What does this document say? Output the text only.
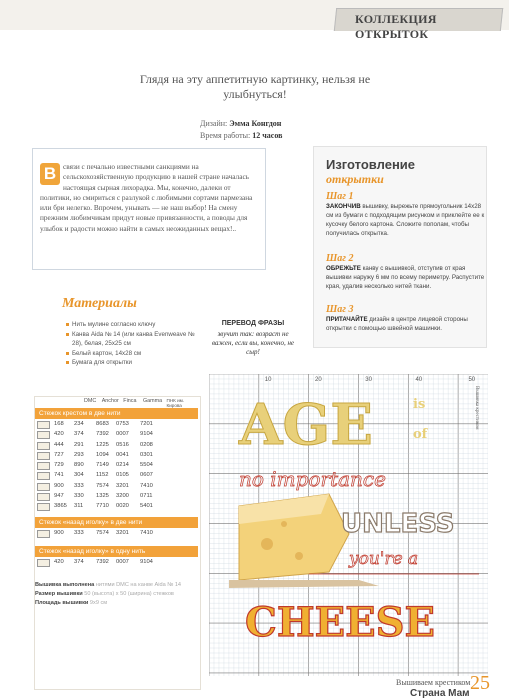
КОЛЛЕКЦИЯ ОТКРЫТОК
Глядя на эту аппетитную картинку, нельзя не улыбнуться!
Дизайн: Эмма Конгдон
Время работы: 12 часов
В связи с печально известными санкциями на сельскохозяйственную продукцию в нашей стране началась настоящая сырная лихорадка. Мы, конечно, далеки от политики, но смириться с разлукой с любимыми сортами пармезана или бри нелегко. Впрочем, унывать — не наш выбор! На смену прежним любимчикам придут новые привязанности, а поводы для улыбок и радости можно найти в самых неожиданных вещах!..
Изготовление
открытки
Шаг 1
ЗАКОНЧИВ вышивку, вырежьте прямоугольник 14x28 см из бумаги с подходящим рисунком и приклейте ее к кусочку белого картона. Сложите пополам, чтобы получилась открытка.
Шаг 2
ОБРЕЖЬТЕ канву с вышивкой, отступив от края вышивки наружу 6 мм по всему периметру. Распустите края, удалив несколько нитей ткани.
Шаг 3
ПРИТАЧАЙТЕ дизайн в центре лицевой стороны открытки с помощью швейной машинки.
Материалы
Нить мулине согласно ключу
Канва Aida № 14 (или канва Evenweave № 28), белая, 25x25 см
Белый картон, 14x28 см
Бумага для открытки
ПЕРЕВОД ФРАЗЫ
звучит так: возраст не важен, если вы, конечно, не сыр!
DMC	Anchor Finca	Gamma ПНК им. Кирова
Стежок крестом в две нити
168	234	8683	0753	7201
420	374	7392	0007	9104
444	291	1225	0516	0208
727	293	1094	0041	0301
729	890	7149	0214	5504
741	304	1152	0105	0607
900	333	7574	3201	7410
947	330	1325	3200	0711
3865	311	7710	0020	5401
Стежок «назад иголку» в две нити
900	333	7574	3201	7410
Стежок «назад иголку» в одну нить
420	374	7392	0007	9104
Вышивка выполнена нитями DMC на канве Aida № 14
Размер вышивки 50 (высота) x 50 (ширина) стежков
Площадь вышивки 9x9 см
10	20	30	40	50
Вышивка крестиком
AGE	is
of
no importance
UNLESS
you're a
CHEESE
Вышиваем крестиком 25
Страна Мам
